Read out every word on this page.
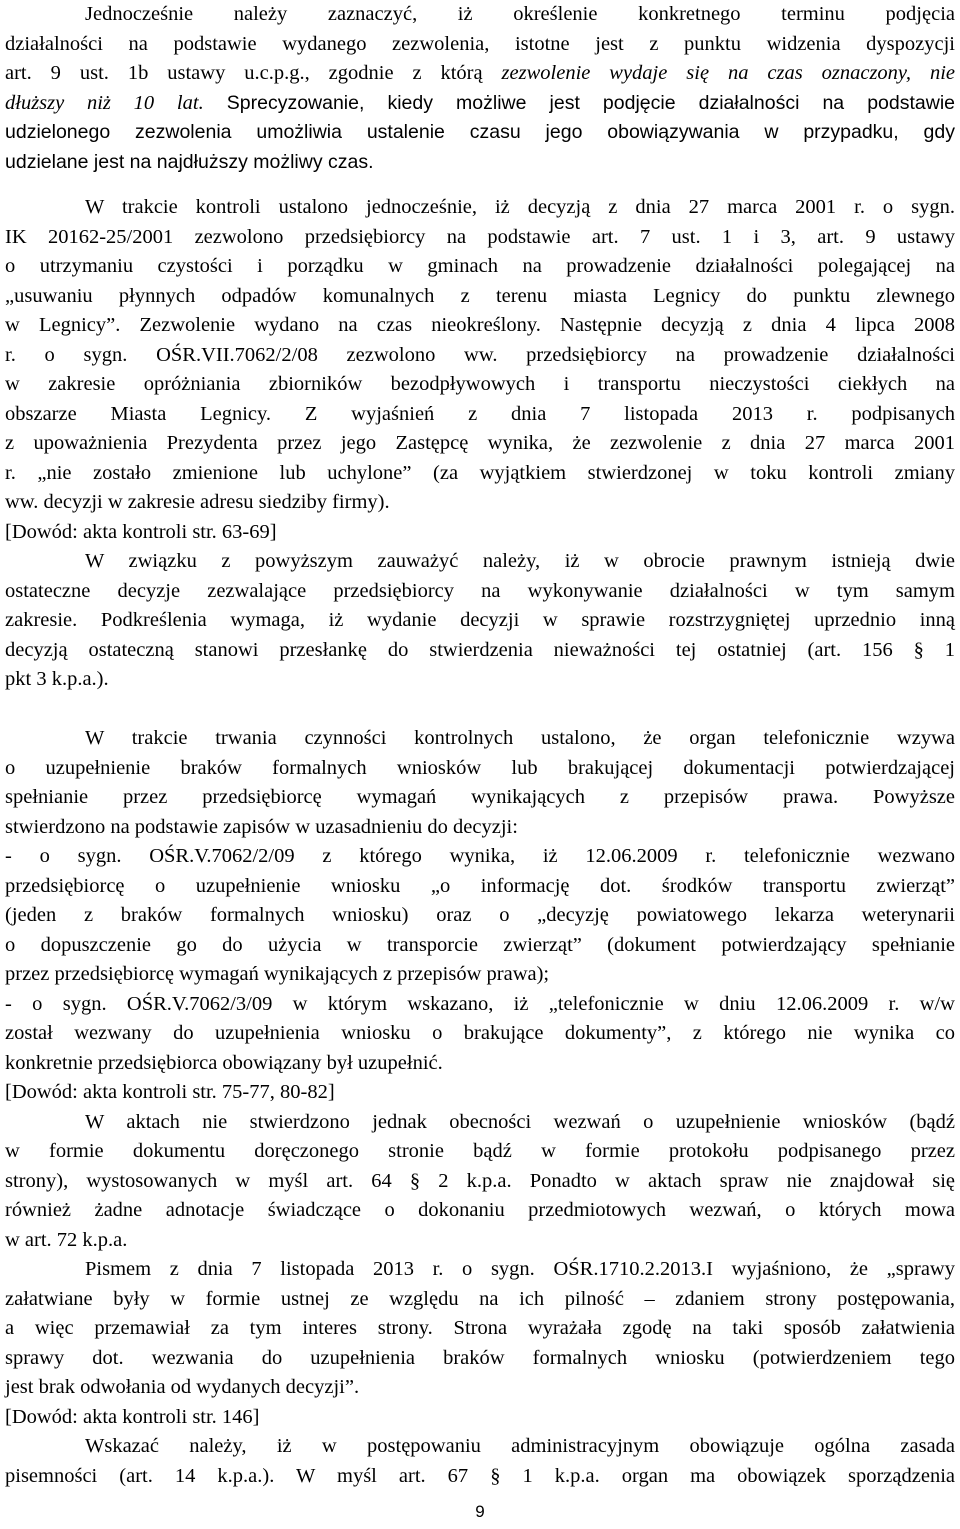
Jednocześnie należy zaznaczyć, iż określenie konkretnego terminu podjęcia
działalności na podstawie wydanego zezwolenia, istotne jest z punktu widzenia dyspozycji
art. 9 ust. 1b ustawy u.c.p.g., zgodnie z którą zezwolenie wydaje się na czas oznaczony, nie
dłuższy niż 10 lat. Sprecyzowanie, kiedy możliwe jest podjęcie działalności na podstawie
udzielonego zezwolenia umożliwia ustalenie czasu jego obowiązywania w przypadku, gdy
udzielane jest na najdłuższy możliwy czas.
W trakcie kontroli ustalono jednocześnie, iż decyzją z dnia 27 marca 2001 r. o sygn.
IK 20162-25/2001 zezwolono przedsiębiorcy na podstawie art. 7 ust. 1 i 3, art. 9 ustawy
o utrzymaniu czystości i porządku w gminach na prowadzenie działalności polegającej na
„usuwaniu płynnych odpadów komunalnych z terenu miasta Legnicy do punktu zlewnego
w Legnicy”. Zezwolenie wydano na czas nieokreślony. Następnie decyzją z dnia 4 lipca 2008
r. o sygn. OŚR.VII.7062/2/08 zezwolono ww. przedsiębiorcy na prowadzenie działalności
w zakresie opróżniania zbiorników bezodpływowych i transportu nieczystości ciekłych na
obszarze Miasta Legnicy. Z wyjaśnień z dnia 7 listopada 2013 r. podpisanych
z upoważnienia Prezydenta przez jego Zastępcę wynika, że zezwolenie z dnia 27 marca 2001
r. „nie zostało zmienione lub uchylone” (za wyjątkiem stwierdzonej w toku kontroli zmiany
ww. decyzji w zakresie adresu siedziby firmy).
[Dowód: akta kontroli str. 63-69]
W związku z powyższym zauważyć należy, iż w obrocie prawnym istnieją dwie
ostateczne decyzje zezwalające przedsiębiorcy na wykonywanie działalności w tym samym
zakresie. Podkreślenia wymaga, iż wydanie decyzji w sprawie rozstrzygniętej uprzednio inną
decyzją ostateczną stanowi przesłankę do stwierdzenia nieważności tej ostatniej (art. 156 § 1
pkt 3 k.p.a.).
W trakcie trwania czynności kontrolnych ustalono, że organ telefonicznie wzywa
o uzupełnienie braków formalnych wniosków lub brakującej dokumentacji potwierdzającej
spełnianie przez przedsiębiorcę wymagań wynikających z przepisów prawa. Powyższe
stwierdzono na podstawie zapisów w uzasadnieniu do decyzji:
- o sygn. OŚR.V.7062/2/09 z którego wynika, iż 12.06.2009 r. telefonicznie wezwano
przedsiębiorcę o uzupełnienie wniosku „o informację dot. środków transportu zwierząt”
(jeden z braków formalnych wniosku) oraz o „decyzję powiatowego lekarza weterynarii
o dopuszczenie go do użycia w transporcie zwierząt” (dokument potwierdzający spełnianie
przez przedsiębiorcę wymagań wynikających z przepisów prawa);
- o sygn. OŚR.V.7062/3/09 w którym wskazano, iż „telefonicznie w dniu 12.06.2009 r. w/w
został wezwany do uzupełnienia wniosku o brakujące dokumenty”, z którego nie wynika co
konkretnie przedsiębiorca obowiązany był uzupełnić.
[Dowód: akta kontroli str. 75-77, 80-82]
W aktach nie stwierdzono jednak obecności wezwań o uzupełnienie wniosków (bądź
w formie dokumentu doręczonego stronie bądź w formie protokołu podpisanego przez
strony), wystosowanych w myśl art. 64 § 2 k.p.a. Ponadto w aktach spraw nie znajdował się
również żadne adnotacje świadczące o dokonaniu przedmiotowych wezwań, o których mowa
w art. 72 k.p.a.
Pismem z dnia 7 listopada 2013 r. o sygn. OŚR.1710.2.2013.I wyjaśniono, że „sprawy
załatwiane były w formie ustnej ze względu na ich pilność – zdaniem strony postępowania,
a więc przemawiał za tym interes strony. Strona wyrażała zgodę na taki sposób załatwienia
sprawy dot. wezwania do uzupełnienia braków formalnych wniosku (potwierdzeniem tego
jest brak odwołania od wydanych decyzji”.
[Dowód: akta kontroli str. 146]
Wskazać należy, iż w postępowaniu administracyjnym obowiązuje ogólna zasada
pisemności (art. 14 k.p.a.). W myśl art. 67 § 1 k.p.a. organ ma obowiązek sporządzenia
9
